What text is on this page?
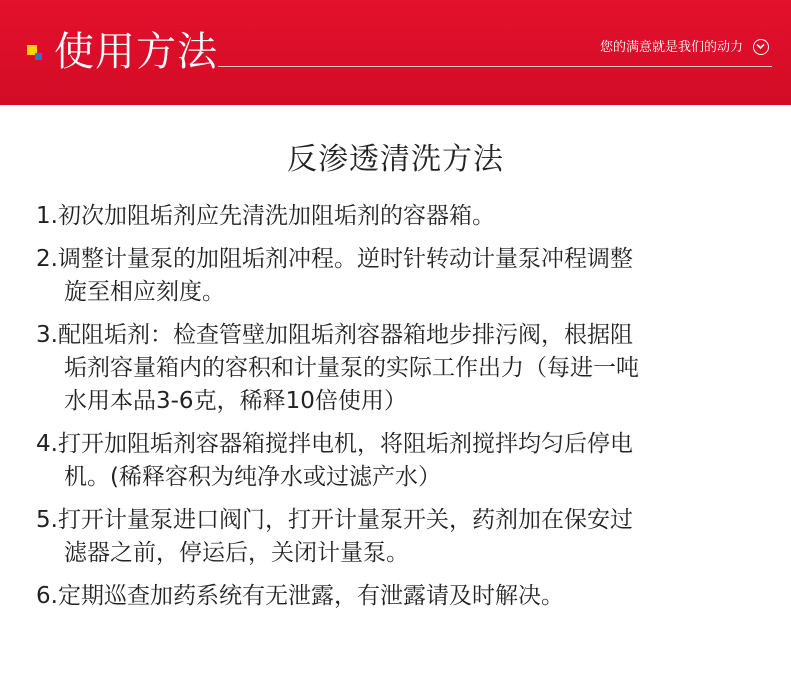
使用方法	您的满意就是我们的动力
反渗透清洗方法
1.初次加阻垢剂应先清洗加阻垢剂的容器箱。
2.调整计量泵的加阻垢剂冲程。逆时针转动计量泵冲程调整
旋至相应刻度。
3.配阻垢剂：检查管壁加阻垢剂容器箱地步排污阀，根据阻
垢剂容量箱内的容积和计量泵的实际工作出力（每进一吨
水用本品3-6克，稀释10倍使用）
4.打开加阻垢剂容器箱搅拌电机，将阻垢剂搅拌均匀后停电
机。(稀释容积为纯净水或过滤产水）
5.打开计量泵进口阀门，打开计量泵开关，药剂加在保安过
滤器之前，停运后，关闭计量泵。
6.定期巡查加药系统有无泄露，有泄露请及时解决。
